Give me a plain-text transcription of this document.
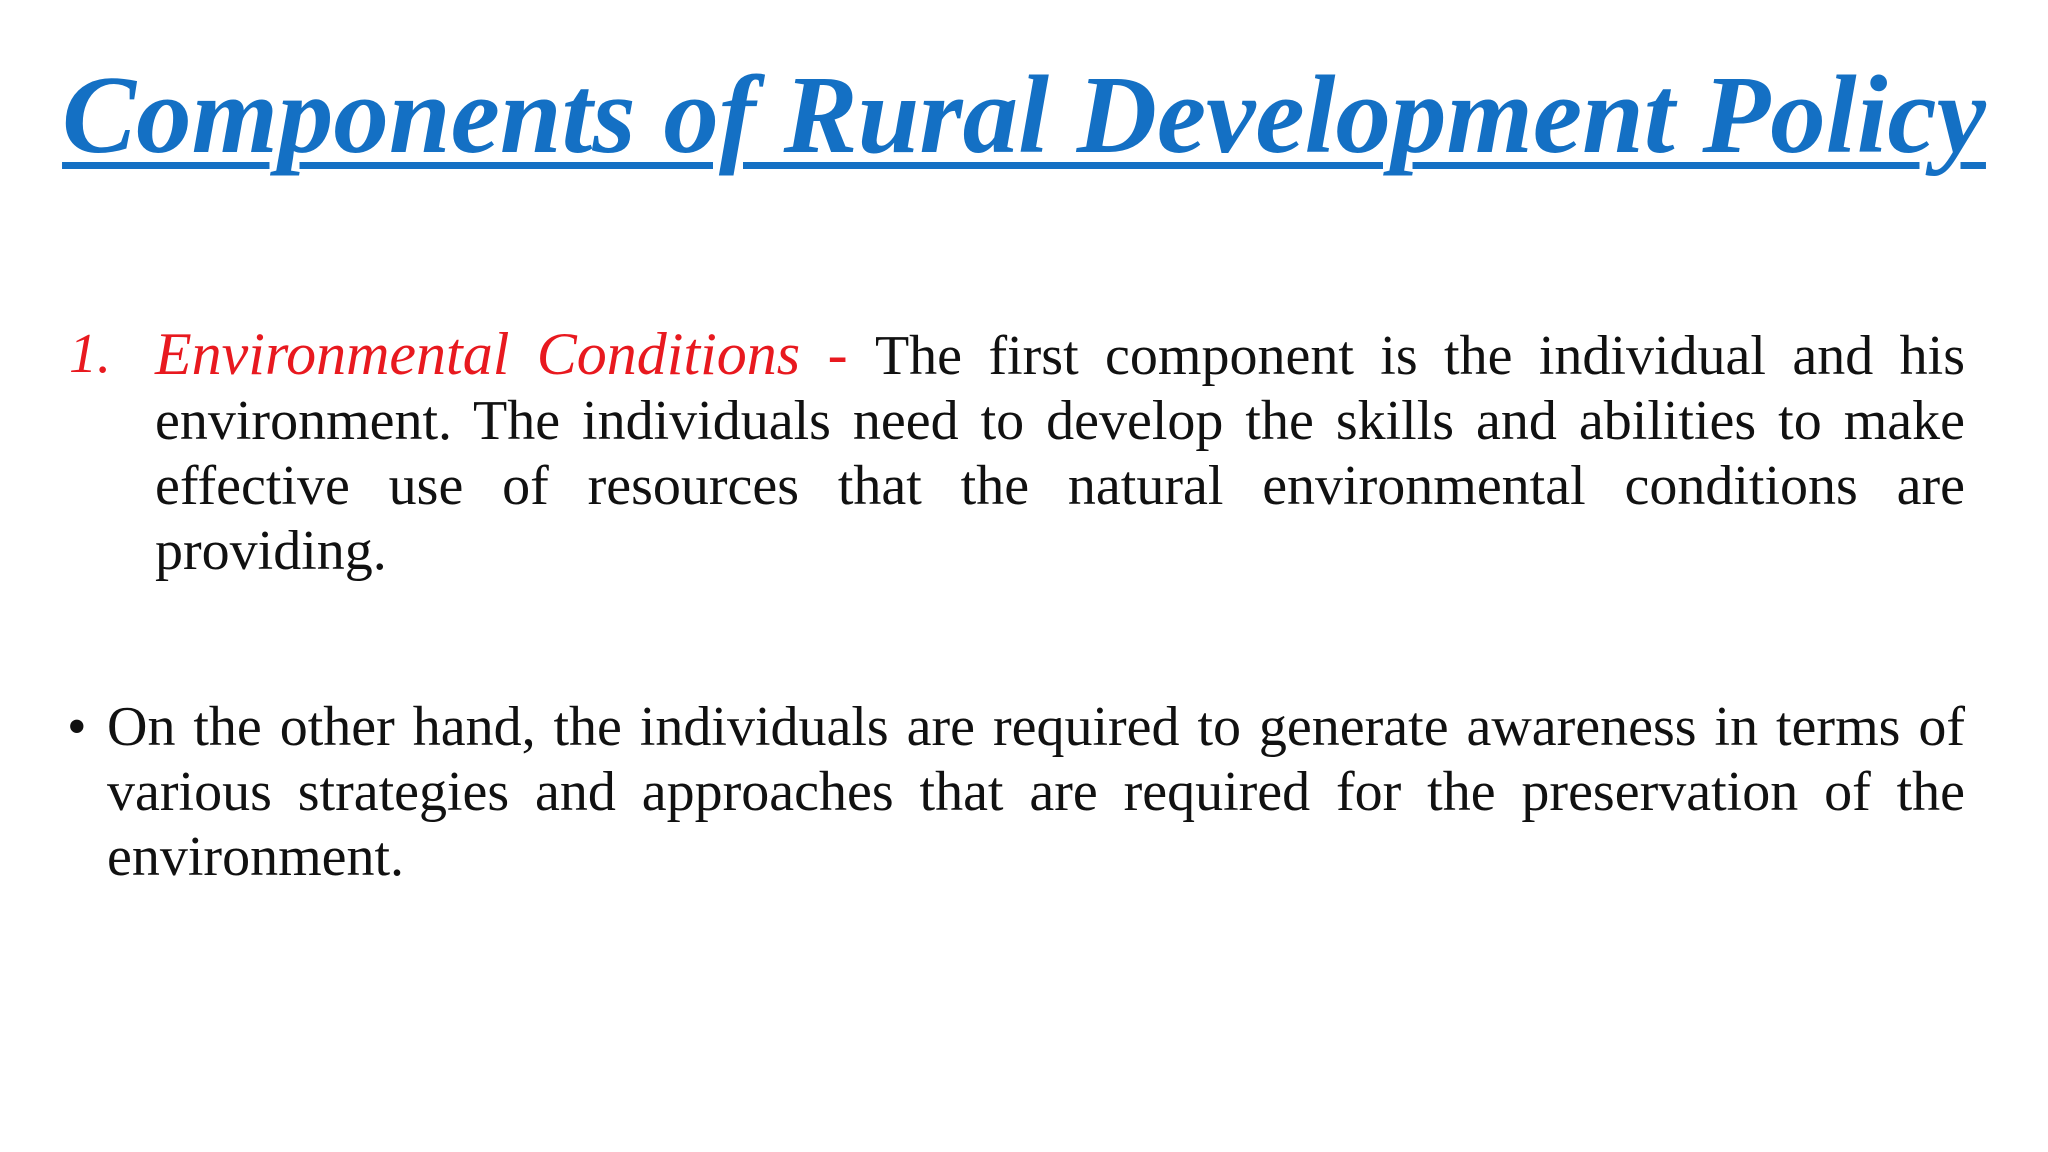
Components of Rural Development Policy

1. Environmental Conditions - The first component is the individual and his environment. The individuals need to develop the skills and abilities to make effective use of resources that the natural environmental conditions are providing.

• On the other hand, the individuals are required to generate awareness in terms of various strategies and approaches that are required for the preservation of the environment.
